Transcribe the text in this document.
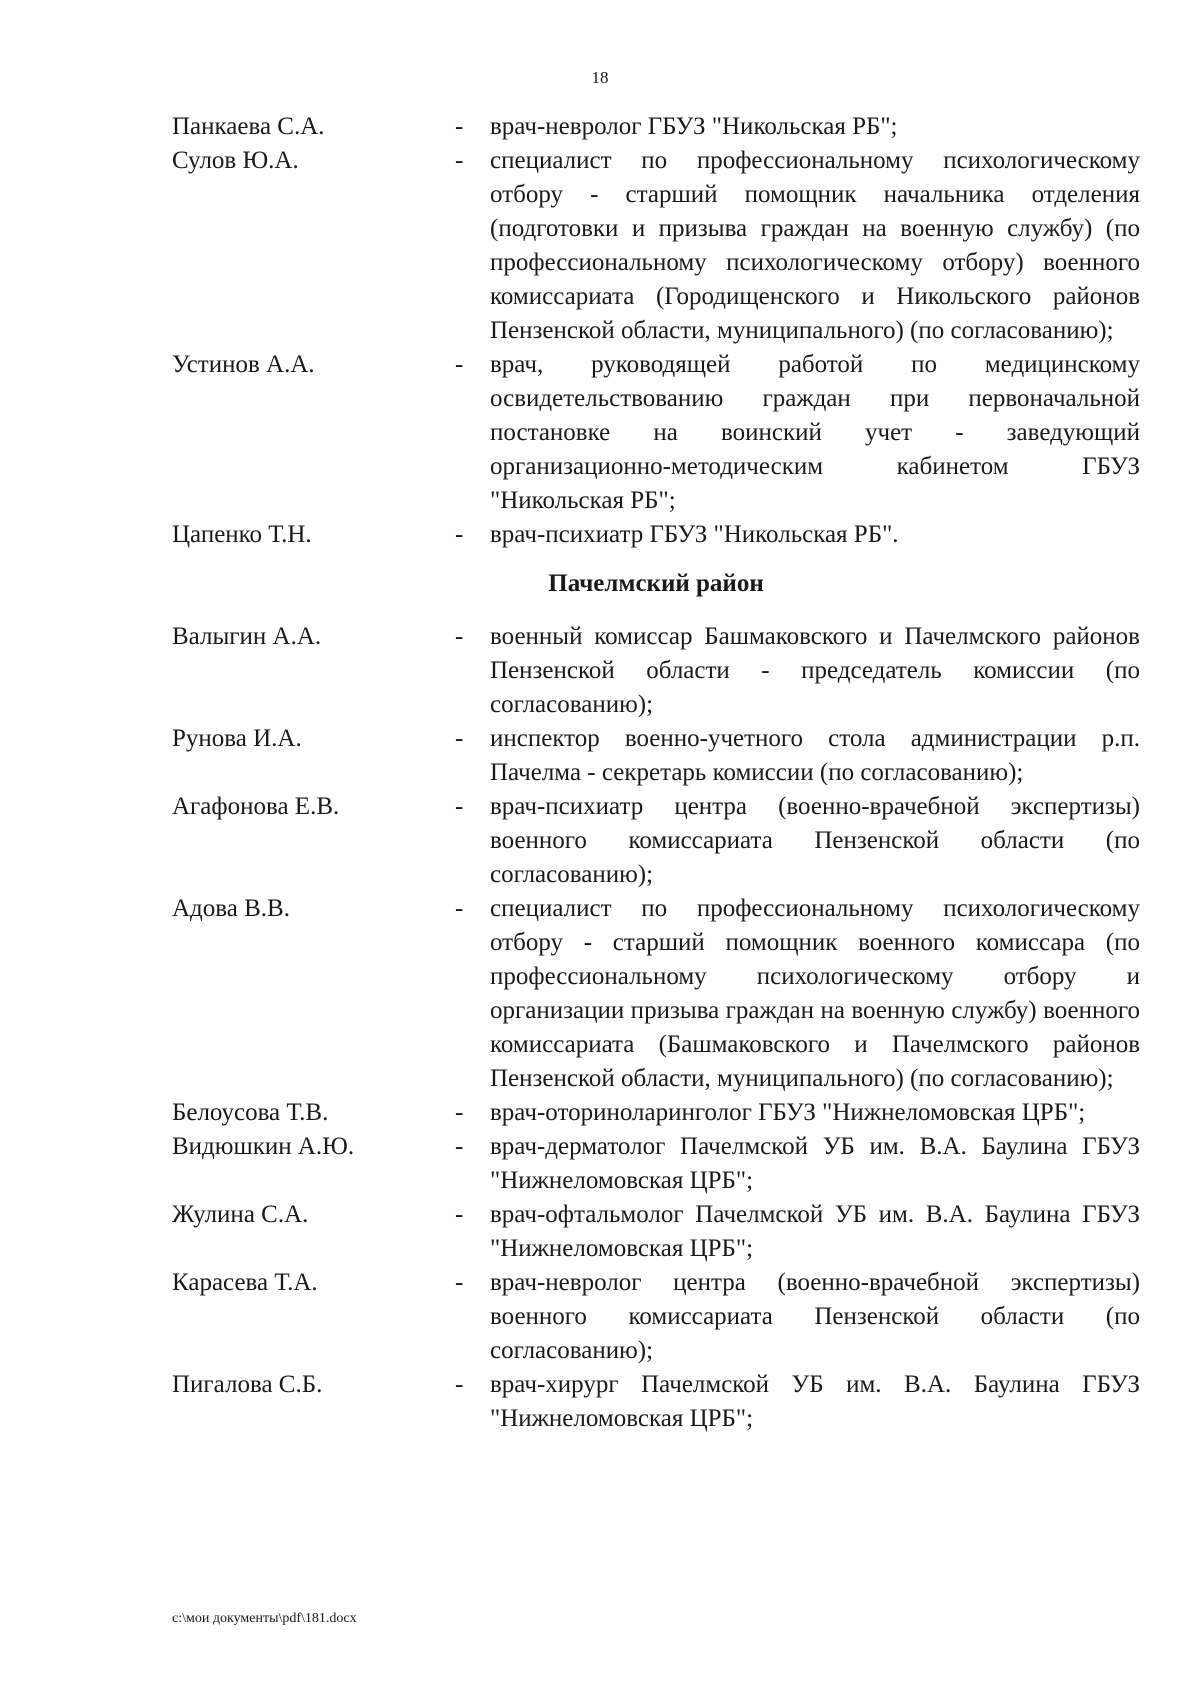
18
Панкаева С.А.	-	врач-невролог ГБУЗ "Никольская РБ";
Сулов Ю.А.	-	специалист по профессиональному психологическому отбору - старший помощник начальника отделения (подготовки и призыва граждан на военную службу) (по профессиональному психологическому отбору) военного комиссариата (Городищенского и Никольского районов Пензенской области, муниципального) (по согласованию);
Устинов А.А.	-	врач, руководящей работой по медицинскому освидетельствованию граждан при первоначальной постановке на воинский учет - заведующий организационно-методическим кабинетом ГБУЗ "Никольская РБ";
Цапенко Т.Н.	-	врач-психиатр ГБУЗ "Никольская РБ".
Пачелмский район
Валыгин А.А.	-	военный комиссар Башмаковского и Пачелмского районов Пензенской области - председатель комиссии (по согласованию);
Рунова И.А.	-	инспектор военно-учетного стола администрации р.п. Пачелма - секретарь комиссии (по согласованию);
Агафонова Е.В.	-	врач-психиатр центра (военно-врачебной экспертизы) военного комиссариата Пензенской области (по согласованию);
Адова В.В.	-	специалист по профессиональному психологическому отбору - старший помощник военного комиссара (по профессиональному психологическому отбору и организации призыва граждан на военную службу) военного комиссариата (Башмаковского и Пачелмского районов Пензенской области, муниципального) (по согласованию);
Белоусова Т.В.	-	врач-оториноларинголог ГБУЗ "Нижнеломовская ЦРБ";
Видюшкин А.Ю.	-	врач-дерматолог Пачелмской УБ им. В.А. Баулина ГБУЗ "Нижнеломовская ЦРБ";
Жулина С.А.	-	врач-офтальмолог Пачелмской УБ им. В.А. Баулина ГБУЗ "Нижнеломовская ЦРБ";
Карасева Т.А.	-	врач-невролог центра (военно-врачебной экспертизы) военного комиссариата Пензенской области (по согласованию);
Пигалова С.Б.	-	врач-хирург Пачелмской УБ им. В.А. Баулина ГБУЗ "Нижнеломовская ЦРБ";
c:\мои документы\pdf\181.docx
